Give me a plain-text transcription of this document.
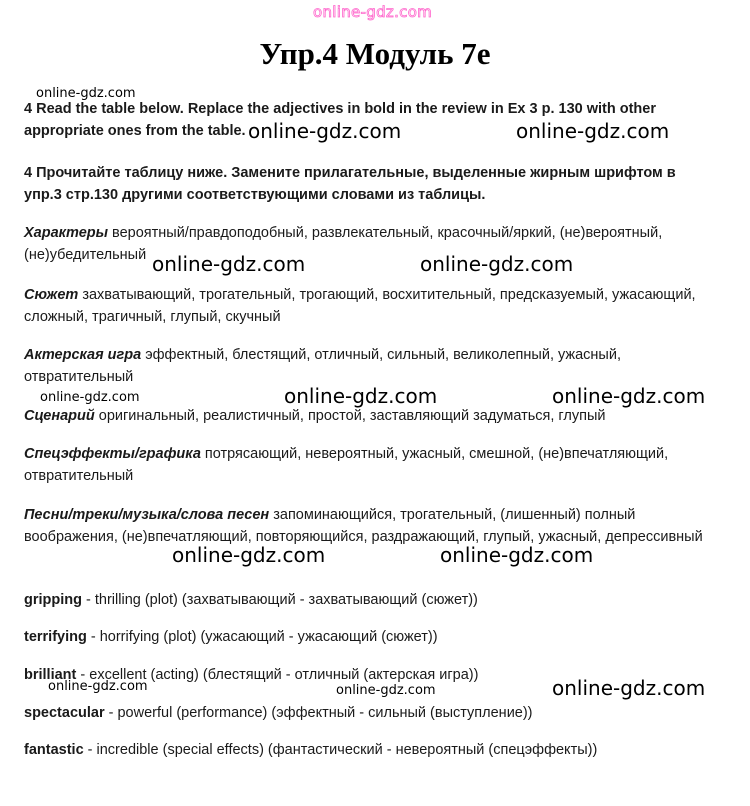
online-gdz.com
online-gdz.com
online-gdz.com	online-gdz.com
online-gdz.com	online-gdz.com
online-gdz.com	online-gdz.com	online-gdz.com
online-gdz.com	online-gdz.com
online-gdz.com	online-gdz.com	online-gdz.com
Упр.4 Модуль 7е

4 Read the table below. Replace the adjectives in bold in the review in Ex 3 p. 130 with other appropriate ones from the table.

4 Прочитайте таблицу ниже. Замените прилагательные, выделенные жирным шрифтом в упр.3 стр.130 другими соответствующими словами из таблицы.

Характеры вероятный/правдоподобный, развлекательный, красочный/яркий, (не)вероятный, (не)убедительный

Сюжет захватывающий, трогательный, трогающий, восхитительный, предсказуемый, ужасающий, сложный, трагичный, глупый, скучный

Актерская игра эффектный, блестящий, отличный, сильный, великолепный, ужасный, отвратительный

Сценарий оригинальный, реалистичный, простой, заставляющий задуматься, глупый

Спецэффекты/графика потрясающий, невероятный, ужасный, смешной, (не)впечатляющий, отвратительный

Песни/треки/музыка/слова песен запоминающийся, трогательный, (лишенный) полный воображения, (не)впечатляющий, повторяющийся, раздражающий, глупый, ужасный, депрессивный

gripping - thrilling (plot) (захватывающий - захватывающий (сюжет))

terrifying - horrifying (plot) (ужасающий - ужасающий (сюжет))

brilliant - excellent (acting) (блестящий - отличный (актерская игра))

spectacular - powerful (performance) (эффектный - сильный (выступление))

fantastic - incredible (special effects) (фантастический - невероятный (спецэффекты))
